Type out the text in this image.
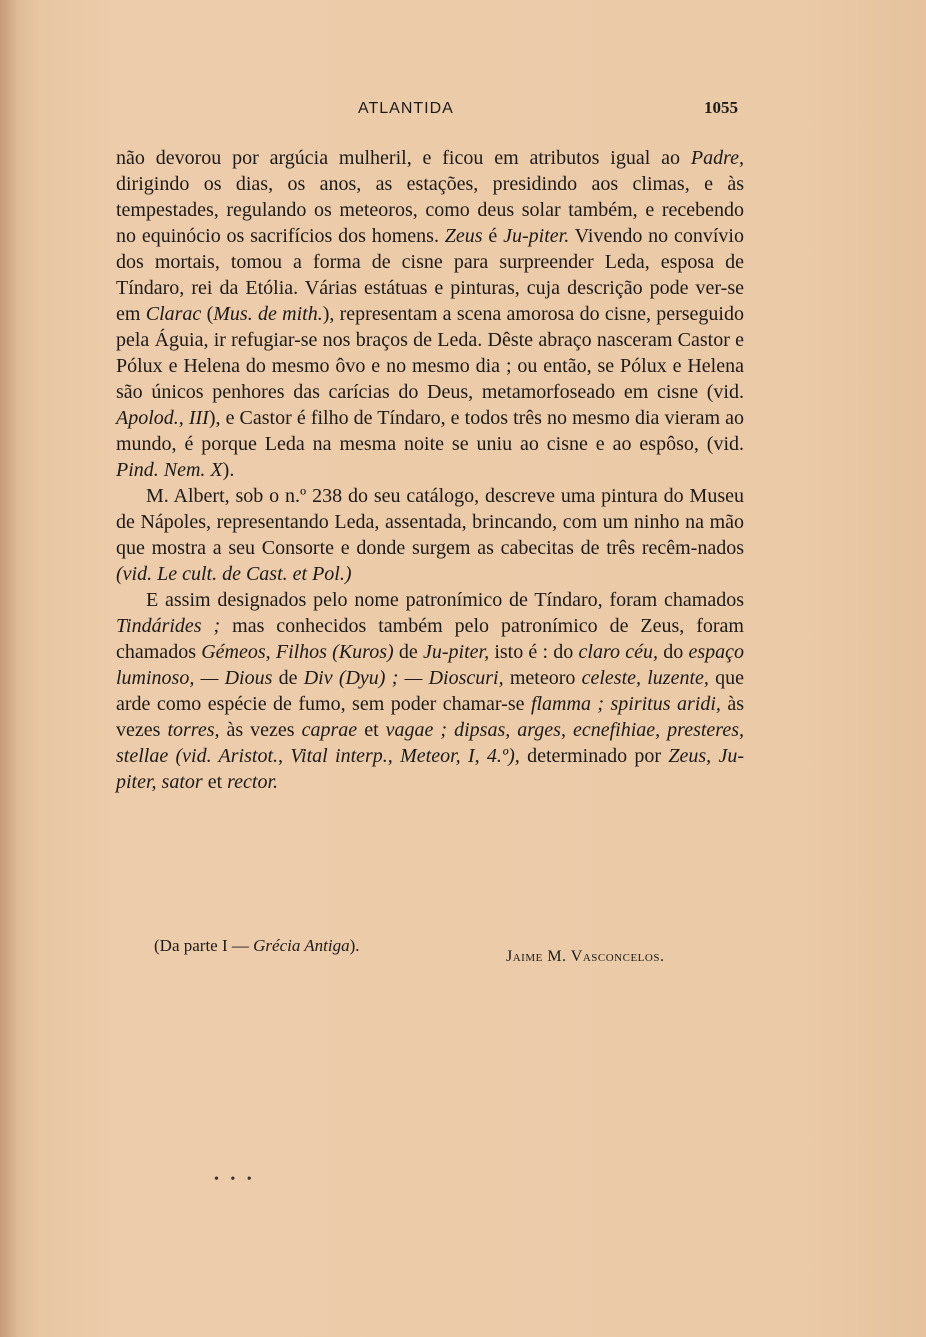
ATLANTIDA	1055

não devorou por argúcia mulheril, e ficou em atributos igual ao Padre, dirigindo os dias, os anos, as estações, presidindo aos climas, e às tempestades, regulando os meteoros, como deus solar também, e recebendo no equinócio os sacrifícios dos homens. Zeus é Ju-piter. Vivendo no convívio dos mortais, tomou a forma de cisne para surpreender Leda, esposa de Tíndaro, rei da Etólia. Várias estátuas e pinturas, cuja descrição pode ver-se em Clarac (Mus. de mith.), representam a scena amorosa do cisne, perseguido pela Águia, ir refugiar-se nos braços de Leda. Dêste abraço nasceram Castor e Pólux e Helena do mesmo ôvo e no mesmo dia ; ou então, se Pólux e Helena são únicos penhores das carícias do Deus, metamorfoseado em cisne (vid. Apolod., III), e Castor é filho de Tíndaro, e todos três no mesmo dia vieram ao mundo, é porque Leda na mesma noite se uniu ao cisne e ao espôso, (vid. Pind. Nem. X).

M. Albert, sob o n.º 238 do seu catálogo, descreve uma pintura do Museu de Nápoles, representando Leda, assentada, brincando, com um ninho na mão que mostra a seu Consorte e donde surgem as cabecitas de três recêm-nados (vid. Le cult. de Cast. et Pol.)

E assim designados pelo nome patronímico de Tíndaro, foram chamados Tindárides ; mas conhecidos também pelo patronímico de Zeus, foram chamados Gémeos, Filhos (Kuros) de Ju-piter, isto é : do claro céu, do espaço luminoso, — Dious de Div (Dyu) ; — Dioscuri, meteoro celeste, luzente, que arde como espécie de fumo, sem poder chamar-se flamma ; spiritus aridi, às vezes torres, às vezes caprae et vagae ; dipsas, arges, ecnefihiae, presteres, stellae (vid. Aristot., Vital interp., Meteor, I, 4.º), determinado por Zeus, Ju-piter, sator et rector.

(Da parte I — Grécia Antiga).
Jaime M. Vasconcelos.
• • •
